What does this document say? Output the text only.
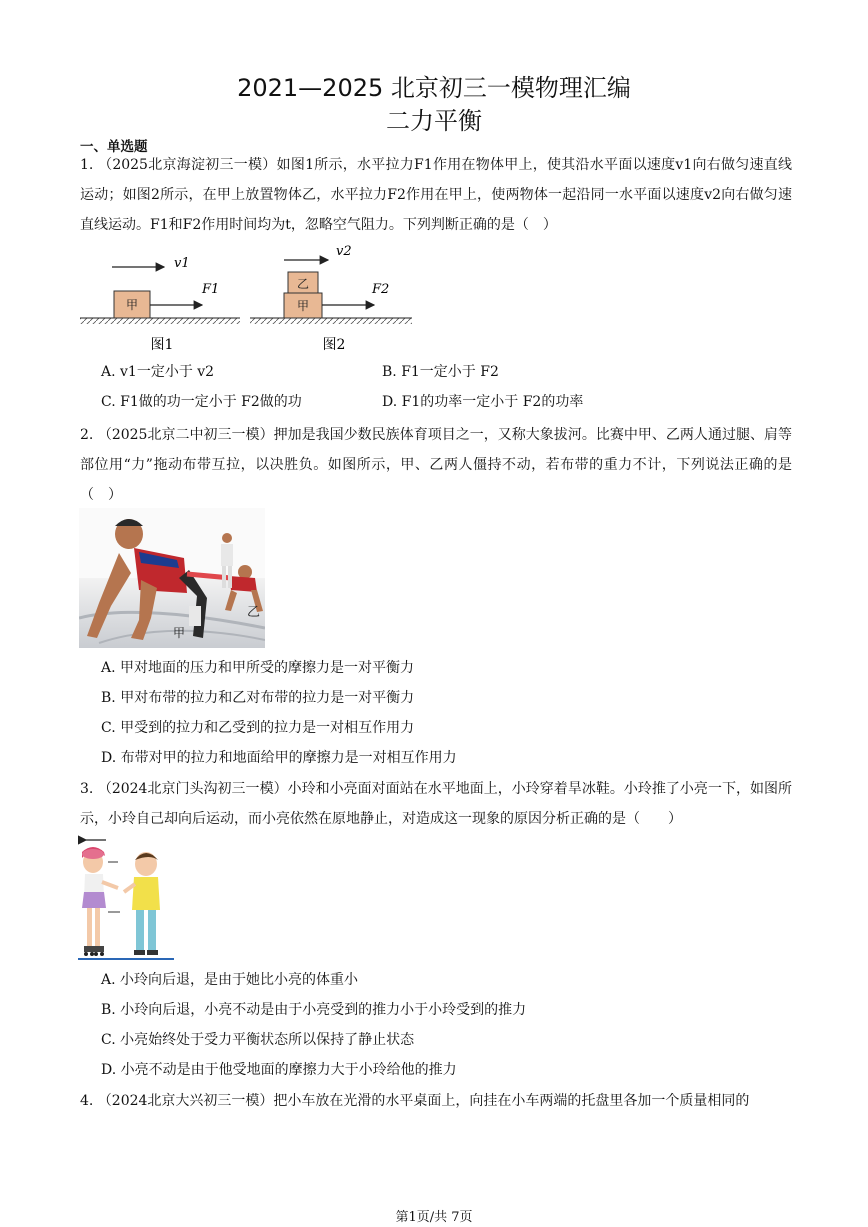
2021—2025 北京初三一模物理汇编
二力平衡
一、单选题
1. （2025北京海淀初三一模）如图1所示，水平拉力F1作用在物体甲上，使其沿水平面以速度v1向右做匀速直线运动；如图2所示，在甲上放置物体乙，水平拉力F2作用在甲上，使两物体一起沿同一水平面以速度v2向右做匀速直线运动。F1和F2作用时间均为t，忽略空气阻力。下列判断正确的是（　）
甲
F1
v1
图1
甲
乙	F2
v2
图2
A. v1一定小于 v2	B. F1一定小于 F2
C. F1做的功一定小于 F2做的功	D. F1的功率一定小于 F2的功率
2. （2025北京二中初三一模）押加是我国少数民族体育项目之一，又称大象拔河。比赛中甲、乙两人通过腿、肩等部位用“力”拖动布带互拉，以决胜负。如图所示，甲、乙两人僵持不动，若布带的重力不计，下列说法正确的是（　）
甲
乙
A. 甲对地面的压力和甲所受的摩擦力是一对平衡力
B. 甲对布带的拉力和乙对布带的拉力是一对平衡力
C. 甲受到的拉力和乙受到的拉力是一对相互作用力
D. 布带对甲的拉力和地面给甲的摩擦力是一对相互作用力
3. （2024北京门头沟初三一模）小玲和小亮面对面站在水平地面上，小玲穿着旱冰鞋。小玲推了小亮一下，如图所示，小玲自己却向后运动，而小亮依然在原地静止，对造成这一现象的原因分析正确的是（　　）
A. 小玲向后退，是由于她比小亮的体重小
B. 小玲向后退，小亮不动是由于小亮受到的推力小于小玲受到的推力
C. 小亮始终处于受力平衡状态所以保持了静止状态
D. 小亮不动是由于他受地面的摩擦力大于小玲给他的推力
4. （2024北京大兴初三一模）把小车放在光滑的水平桌面上，向挂在小车两端的托盘里各加一个质量相同的
第1页/共 7页
